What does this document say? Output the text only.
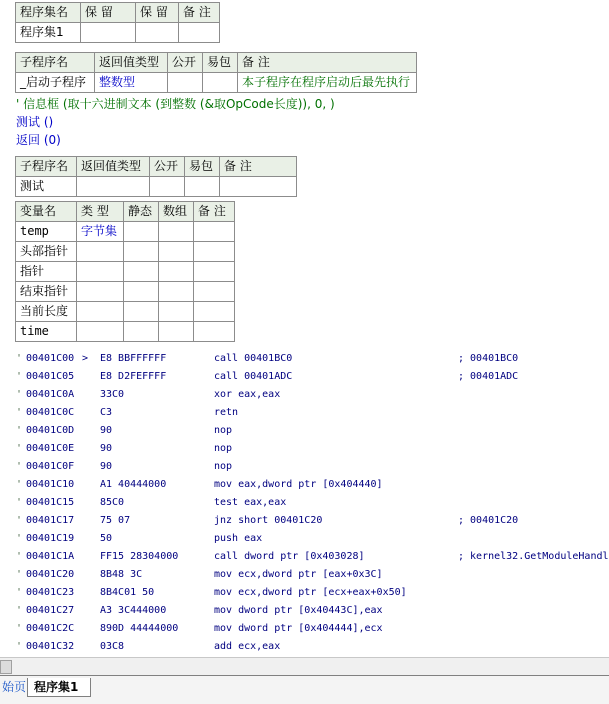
程序集名	保 留	保 留	备 注
程序集1			
子程序名	返回值类型	公开	易包	备 注
_启动子程序	整数型			本子程序在程序启动后最先执行
' 信息框 (取十六进制文本 (到整数 (&取OpCode长度)), 0, )
测试 ()
返回 (0)
子程序名	返回值类型	公开	易包	备 注
测试				
变量名	类 型	静态	数组	备 注
temp	字节集			
头部指针				
指针				
结束指针				
当前长度				
time				
' 00401C00 > E8 BBFFFFFF	call 00401BC0	; 00401BC0
' 00401C05	E8 D2FEFFFF	call 00401ADC	; 00401ADC
' 00401C0A	33C0	xor eax,eax
' 00401C0C	C3	retn
' 00401C0D	90	nop
' 00401C0E	90	nop
' 00401C0F	90	nop
' 00401C10	A1 40444000	mov eax,dword ptr [0x404440]
' 00401C15	85C0	test eax,eax
' 00401C17	75 07	jnz short 00401C20	; 00401C20
' 00401C19	50	push eax
' 00401C1A	FF15 28304000	call dword ptr [0x403028]	; kernel32.GetModuleHandl
' 00401C20	8B48 3C	mov ecx,dword ptr [eax+0x3C]
' 00401C23	8B4C01 50	mov ecx,dword ptr [ecx+eax+0x50]
' 00401C27	A3 3C444000	mov dword ptr [0x40443C],eax
' 00401C2C	890D 44444000	mov dword ptr [0x404444],ecx
' 00401C32	03C8	add ecx,eax
始页 程序集1
